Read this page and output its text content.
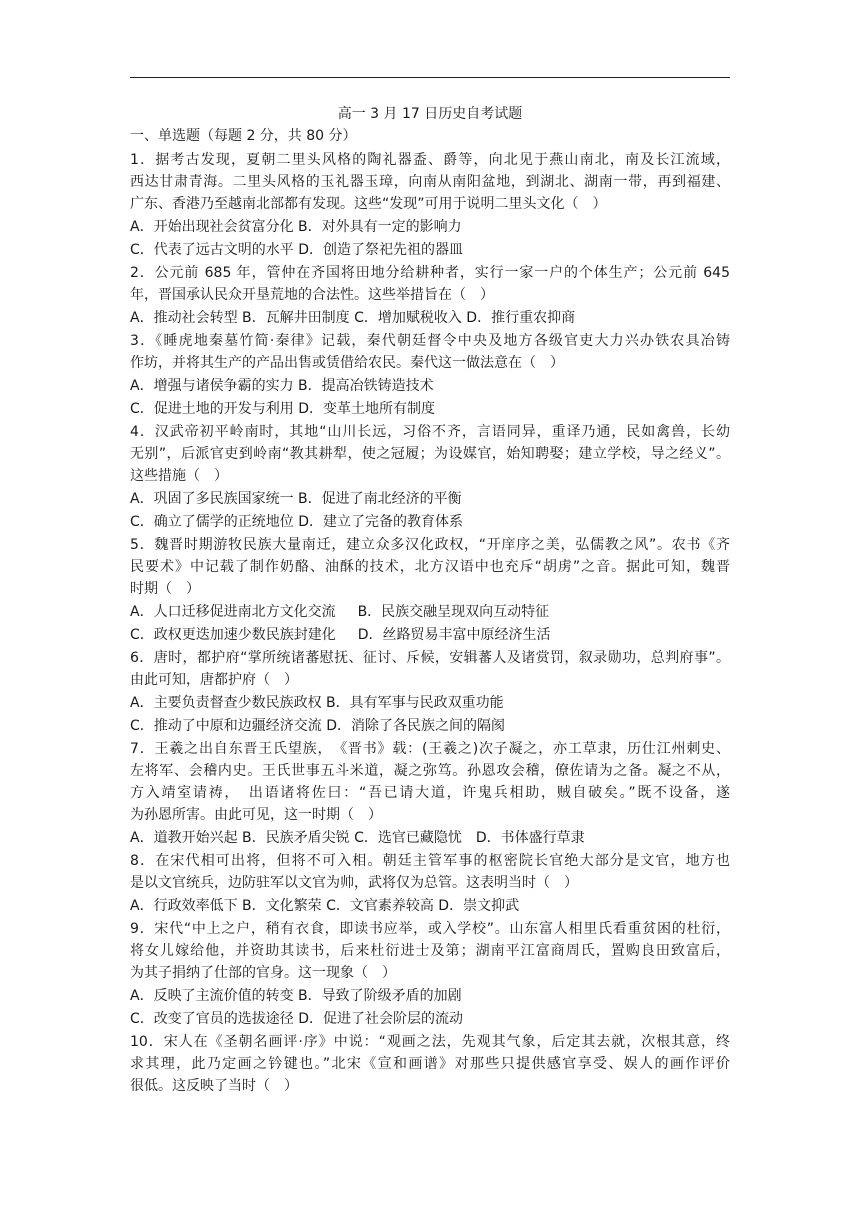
高一 3 月 17 日历史自考试题
一、单选题（每题 2 分，共 80 分）
1．据考古发现，夏朝二里头风格的陶礼器盉、爵等，向北见于燕山南北，南及长江流域，
西达甘肃青海。二里头风格的玉礼器玉璋，向南从南阳盆地，到湖北、湖南一带，再到福建、
广东、香港乃至越南北部都有发现。这些“发现”可用于说明二里头文化（　）
A．开始出现社会贫富分化 B．对外具有一定的影响力
C．代表了远古文明的水平 D．创造了祭祀先祖的器皿
2．公元前 685 年，管仲在齐国将田地分给耕种者，实行一家一户的个体生产；公元前 645
年，晋国承认民众开垦荒地的合法性。这些举措旨在（　）
A．推动社会转型 B．瓦解井田制度 C．增加赋税收入 D．推行重农抑商
3．《睡虎地秦墓竹简·秦律》记载，秦代朝廷督令中央及地方各级官吏大力兴办铁农具冶铸
作坊，并将其生产的产品出售或赁借给农民。秦代这一做法意在（　）
A．增强与诸侯争霸的实力 B．提高冶铁铸造技术
C．促进土地的开发与利用 D．变革土地所有制度
4．汉武帝初平岭南时，其地“山川长远，习俗不齐，言语同异，重译乃通，民如禽兽，长幼
无别”，后派官吏到岭南“教其耕犁，使之冠履；为设媒官，始知聘娶；建立学校，导之经义”。
这些措施（　）
A．巩固了多民族国家统一 B．促进了南北经济的平衡
C．确立了儒学的正统地位 D．建立了完备的教育体系
5．魏晋时期游牧民族大量南迁，建立众多汉化政权，“开庠序之美，弘儒教之风”。农书《齐
民要术》中记载了制作奶酪、油酥的技术，北方汉语中也充斥“胡虏”之音。据此可知，魏晋
时期（　）
A．人口迁移促进南北方文化交流 B．民族交融呈现双向互动特征
C．政权更迭加速少数民族封建化 D．丝路贸易丰富中原经济生活
6．唐时，都护府“掌所统诸蕃慰抚、征讨、斥候，安辑蕃人及诸赏罚，叙录勋功，总判府事”。
由此可知，唐都护府（　）
A．主要负责督查少数民族政权 B．具有军事与民政双重功能
C．推动了中原和边疆经济交流 D．消除了各民族之间的隔阂
7．王羲之出自东晋王氏望族，　《晋书》载：(王羲之)次子凝之，亦工草隶，历仕江州刺史、
左将军、会稽内史。王氏世事五斗米道，凝之弥笃。孙恩攻会稽，僚佐请为之备。凝之不从，
方入靖室请祷，　出语诸将佐曰：“吾已请大道，许鬼兵相助，贼自破矣。”既不设备，遂
为孙恩所害。由此可见，这一时期（　）
A．道教开始兴起 B．民族矛盾尖锐 C．选官已藏隐忧　D．书体盛行草隶
8．在宋代相可出将，但将不可入相。朝廷主管军事的枢密院长官绝大部分是文官，地方也
是以文官统兵，边防驻军以文官为帅，武将仅为总管。这表明当时（　）
A．行政效率低下 B．文化繁荣 C．文官素养较高 D．崇文抑武
9．宋代“中上之户，稍有衣食，即读书应举，或入学校”。山东富人相里氏看重贫困的杜衍，
将女儿嫁给他，并资助其读书，后来杜衍进士及第；湖南平江富商周氏，置购良田致富后，
为其子捐纳了仕部的官身。这一现象（　）
A．反映了主流价值的转变 B．导致了阶级矛盾的加剧
C．改变了官员的选拔途径 D．促进了社会阶层的流动
10．宋人在《圣朝名画评·序》中说：“观画之法，先观其气象，后定其去就，次根其意，终
求其理，此乃定画之钤键也。”北宋《宣和画谱》对那些只提供感官享受、娱人的画作评价
很低。这反映了当时（　）
